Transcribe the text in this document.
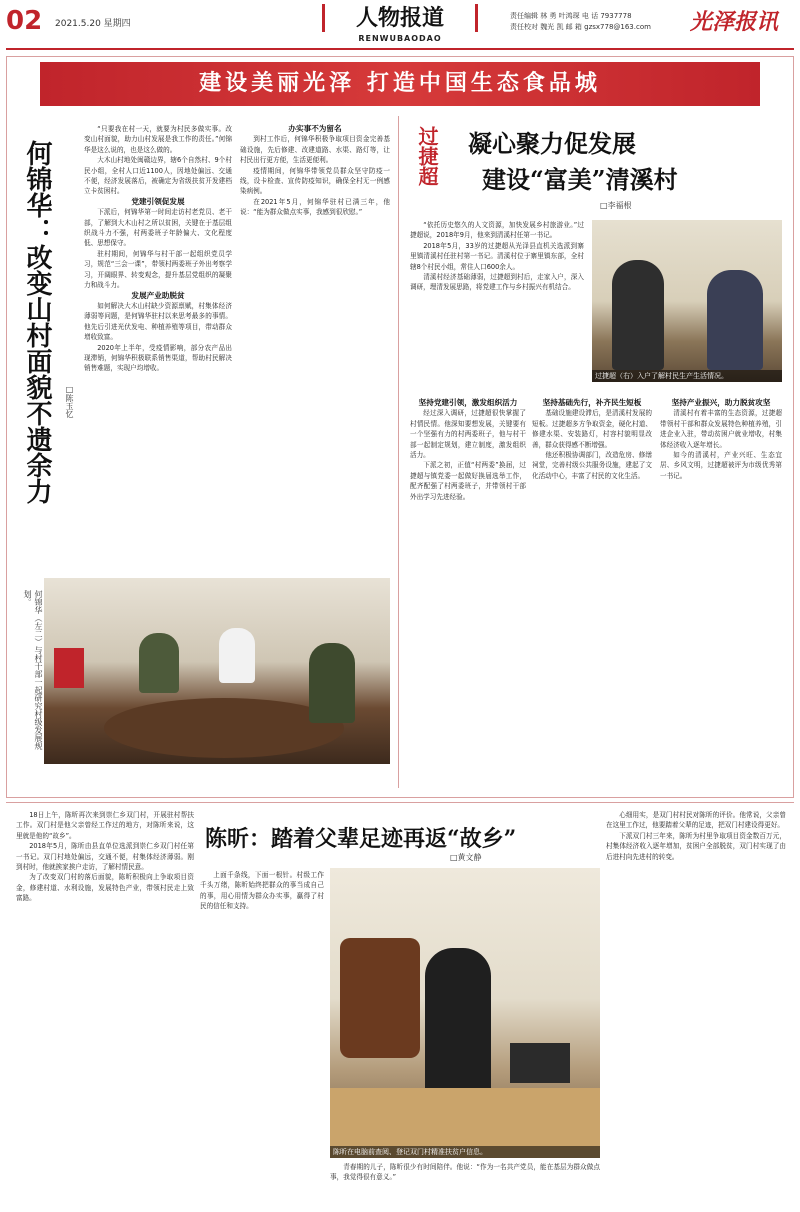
02 2021.5.20 星期四	人物报道
RENWUBAODAO
责任编辑 林 勇 叶鸿琛 电 话 7937778
责任校对 魏光 凯 邮 箱 gzsx778@163.com	光泽报讯
建设美丽光泽 打造中国生态食品城
何锦华：改变山村面貌不遗余力 □陈玉忆

“只要我在村一天，就要为村民多做实事。改变山村面貌，助力山村发展是我工作的责任。”何锦华是这么说的，也是这么做的。

大木山村地处闽赣边界，辖6个自然村、9个村民小组，全村人口近1100人，因地处偏远、交通不便，经济发展落后，被确定为省级扶贫开发建档立卡贫困村。

党建引领促发展

下派后，何锦华第一时间走访村老党员、老干部，了解到大木山村之所以贫困，关键在于基层组织战斗力不强，村两委班子年龄偏大、文化程度低、思想保守。

驻村期间，何锦华与村干部一起组织党员学习，规范“三会一课”，带领村两委班子外出考察学习，开阔眼界、转变观念，提升基层党组织的凝聚力和战斗力。

发展产业助脱贫

如何解决大木山村缺少资源禀赋，村集体经济薄弱等问题，是何锦华驻村以来思考最多的事情。他先后引进光伏发电、种植养殖等项目，带动群众增收致富。

2020年上半年，受疫情影响，部分农产品出现滞销，何锦华积极联系销售渠道，帮助村民解决销售难题，实现户均增收。

办实事不为留名

到村工作后，何锦华积极争取项目资金完善基础设施，先后修建、改建道路、水渠、路灯等，让村民出行更方便，生活更便利。

疫情期间，何锦华带领党员群众坚守防疫一线，设卡检查、宣传防疫知识，确保全村无一例感染病例。

在2021年5月，何锦华驻村已满三年，他说：“能为群众做点实事，我感到很欣慰。”

何锦华（左二）与村干部一起研究村级发展规划。
过捷超 凝心聚力促发展
建设“富美”清溪村
□李福根

“依托历史悠久的人文资源，加快发展乡村旅游业。”过捷超说，2018年9月，他来到清溪村任第一书记。

2018年5月，33岁的过捷超从光泽县直机关选派到寨里镇清溪村任驻村第一书记。清溪村位于寨里镇东部，全村辖8个村民小组，常住人口600余人。

清溪村经济基础薄弱，过捷超到村后，走家入户，深入调研，理清发展思路，将党建工作与乡村振兴有机结合。

过捷超（右）入户了解村民生产生活情况。

坚持党建引领，激发组织活力

经过深入调研，过捷超很快掌握了村情民情。他深知要想发展，关键要有一个坚强有力的村两委班子，他与村干部一起制定规划，建立制度，激发组织活力。

下派之初，正值“村两委”换届，过捷超与镇党委一起做好换届选举工作，配齐配强了村两委班子，并带领村干部外出学习先进经验。

坚持基础先行，补齐民生短板

基础设施建设滞后，是清溪村发展的短板。过捷超多方争取资金，硬化村道、修建水渠、安装路灯，村容村貌明显改善，群众获得感不断增强。

他还积极协调部门，改造危房、修缮祠堂，完善村级公共服务设施，建起了文化活动中心，丰富了村民的文化生活。

坚持产业振兴，助力脱贫攻坚

清溪村有着丰富的生态资源，过捷超带领村干部和群众发展特色种植养殖，引进企业入驻，带动贫困户就业增收，村集体经济收入逐年增长。

如今的清溪村，产业兴旺、生态宜居、乡风文明，过捷超被评为市级优秀第一书记。

18日上午，陈昕再次来到崇仁乡双门村，开展驻村帮扶工作。双门村是他父亲曾经工作过的地方，对陈昕来说，这里就是他的“故乡”。

2018年5月，陈昕由县直单位选派到崇仁乡双门村任第一书记。双门村地处偏远，交通不便，村集体经济薄弱。刚到村时，他就挨家挨户走访，了解村情民意。

为了改变双门村的落后面貌，陈昕积极向上争取项目资金，修建村道、水利设施，发展特色产业，带领村民走上致富路。

陈昕：踏着父辈足迹再返“故乡”
□黄文静

上面千条线，下面一根针。村级工作千头万绪，陈昕始终把群众的事当成自己的事，用心用情为群众办实事，赢得了村民的信任和支持。

陈昕在电脑前查阅、登记双门村精准扶贫户信息。

青春期的儿子，陈昕很少有时间陪伴。他说：“作为一名共产党员，能在基层为群众做点事，我觉得很有意义。”

心细用实，是双门村村民对陈昕的评价。他常说，父亲曾在这里工作过，他要踏着父辈的足迹，把双门村建设得更好。

下派双门村三年来，陈昕为村里争取项目资金数百万元，村集体经济收入逐年增加，贫困户全部脱贫，双门村实现了由后进村向先进村的转变。
